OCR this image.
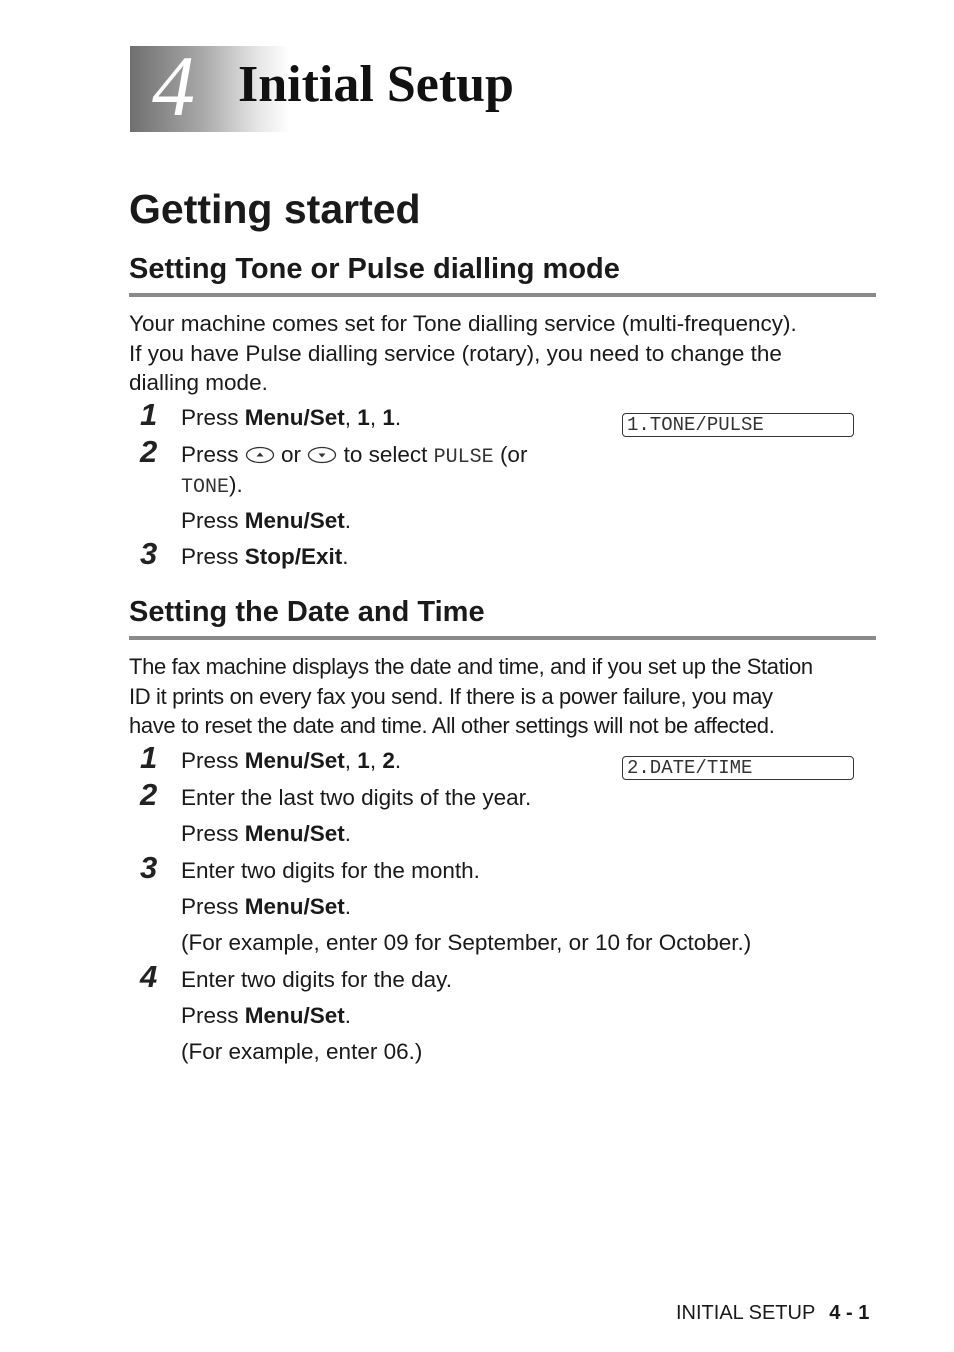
4 Initial Setup
Getting started
Setting Tone or Pulse dialling mode
Your machine comes set for Tone dialling service (multi-frequency).
If you have Pulse dialling service (rotary), you need to change the
dialling mode.
1.TONE/PULSE
1	Press Menu/Set, 1, 1.
2	Press or to select PULSE (or
TONE).
Press Menu/Set.
3	Press Stop/Exit.
Setting the Date and Time
The fax machine displays the date and time, and if you set up the Station
ID it prints on every fax you send. If there is a power failure, you may
have to reset the date and time. All other settings will not be affected.
2.DATE/TIME
1	Press Menu/Set, 1, 2.
2	Enter the last two digits of the year.
Press Menu/Set.
3	Enter two digits for the month.
Press Menu/Set.
(For example, enter 09 for September, or 10 for October.)
4	Enter two digits for the day.
Press Menu/Set.
(For example, enter 06.)
INITIAL SETUP 4 - 1
